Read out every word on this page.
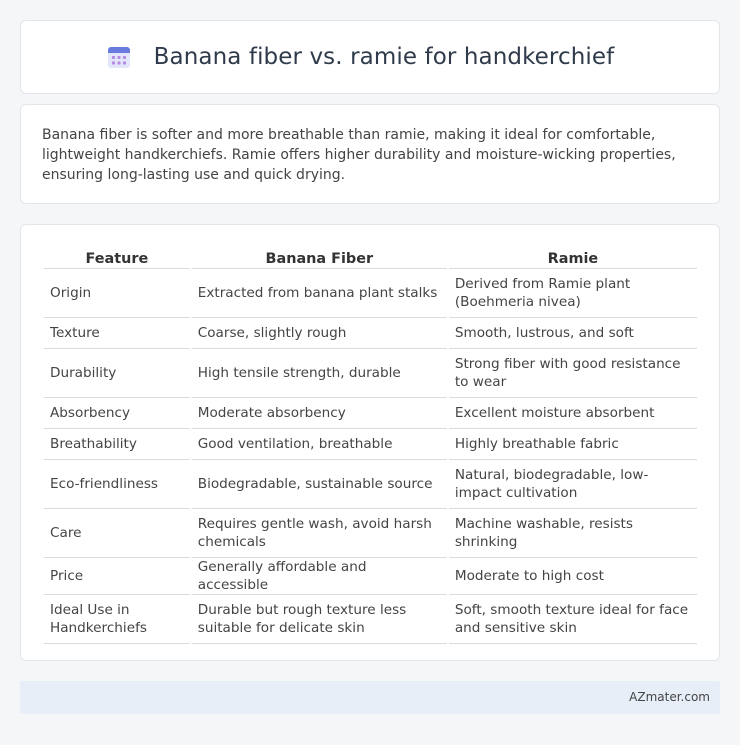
Banana fiber vs. ramie for handkerchief

Banana fiber is softer and more breathable than ramie, making it ideal for comfortable, lightweight handkerchiefs. Ramie offers higher durability and moisture-wicking properties, ensuring long-lasting use and quick drying.

Feature	Banana Fiber	Ramie
Origin	Extracted from banana plant stalks	Derived from Ramie plant (Boehmeria nivea)
Texture	Coarse, slightly rough	Smooth, lustrous, and soft
Durability	High tensile strength, durable	Strong fiber with good resistance to wear
Absorbency	Moderate absorbency	Excellent moisture absorbent
Breathability	Good ventilation, breathable	Highly breathable fabric
Eco-friendliness	Biodegradable, sustainable source	Natural, biodegradable, low-impact cultivation
Care	Requires gentle wash, avoid harsh chemicals	Machine washable, resists shrinking
Price	Generally affordable and accessible	Moderate to high cost
Ideal Use in Handkerchiefs	Durable but rough texture less suitable for delicate skin	Soft, smooth texture ideal for face and sensitive skin
AZmater.com
